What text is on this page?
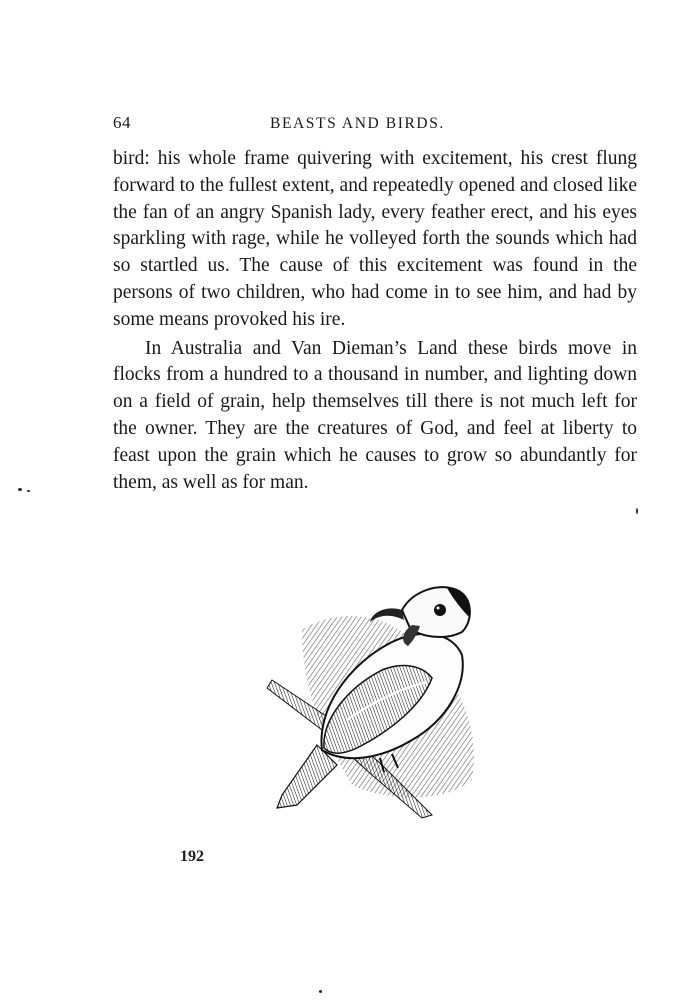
64	BEASTS AND BIRDS.

bird: his whole frame quivering with excitement, his crest flung forward to the fullest extent, and repeatedly opened and closed like the fan of an angry Spanish lady, every feather erect, and his eyes sparkling with rage, while he volleyed forth the sounds which had so startled us. The cause of this excitement was found in the persons of two children, who had come in to see him, and had by some means provoked his ire.

In Australia and Van Dieman’s Land these birds move in flocks from a hundred to a thousand in number, and lighting down on a field of grain, help themselves till there is not much left for the owner. They are the creatures of God, and feel at liberty to feast upon the grain which he causes to grow so abundantly for them, as well as for man.

192
